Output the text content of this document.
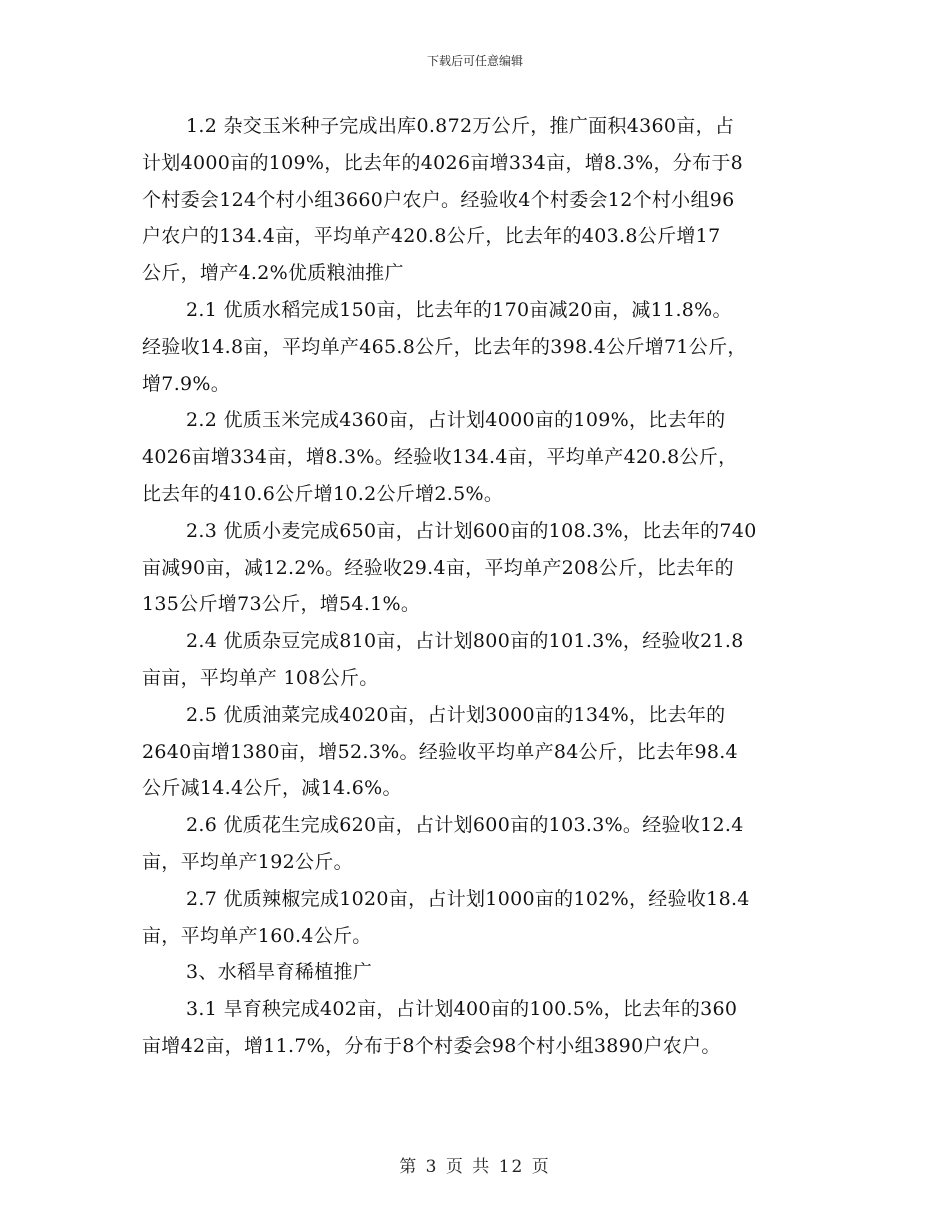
下载后可任意编辑

1.2 杂交玉米种子完成出库0.872万公斤，推广面积4360亩，占
计划4000亩的109%，比去年的4026亩增334亩，增8.3%，分布于8
个村委会124个村小组3660户农户。经验收4个村委会12个村小组96
户农户的134.4亩，平均单产420.8公斤，比去年的403.8公斤增17
公斤，增产4.2%优质粮油推广

2.1 优质水稻完成150亩，比去年的170亩减20亩，减11.8%。
经验收14.8亩，平均单产465.8公斤，比去年的398.4公斤增71公斤，
增7.9%。

2.2 优质玉米完成4360亩，占计划4000亩的109%，比去年的
4026亩增334亩，增8.3%。经验收134.4亩，平均单产420.8公斤，
比去年的410.6公斤增10.2公斤增2.5%。

2.3 优质小麦完成650亩，占计划600亩的108.3%，比去年的740
亩减90亩，减12.2%。经验收29.4亩，平均单产208公斤，比去年的
135公斤增73公斤，增54.1%。

2.4 优质杂豆完成810亩，占计划800亩的101.3%，经验收21.8
亩亩，平均单产 108公斤。

2.5 优质油菜完成4020亩，占计划3000亩的134%，比去年的
2640亩增1380亩，增52.3%。经验收平均单产84公斤，比去年98.4
公斤减14.4公斤，减14.6%。

2.6 优质花生完成620亩，占计划600亩的103.3%。经验收12.4
亩，平均单产192公斤。

2.7 优质辣椒完成1020亩，占计划1000亩的102%，经验收18.4
亩，平均单产160.4公斤。

3、水稻旱育稀植推广

3.1 旱育秧完成402亩，占计划400亩的100.5%，比去年的360
亩增42亩，增11.7%，分布于8个村委会98个村小组3890户农户。

第 3 页 共 12 页
